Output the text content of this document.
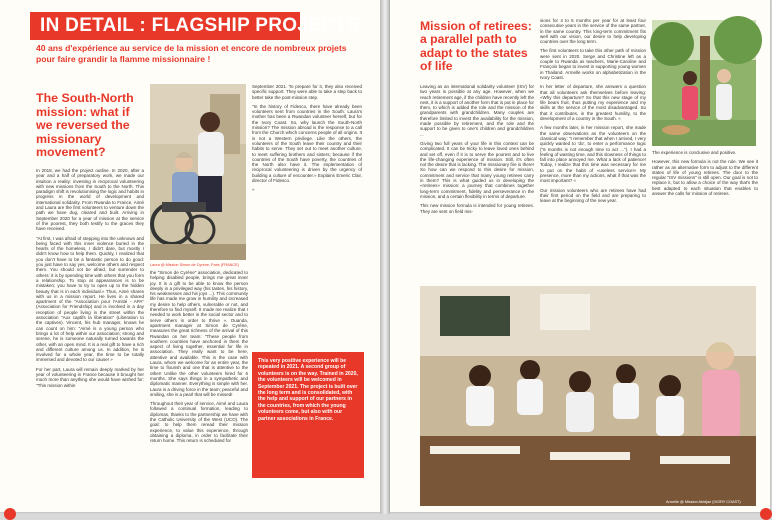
IN DETAIL : FLAGSHIP PROJECTS
40 ans d'expérience au service de la mission et encore de nombreux projets pour faire grandir la flamme missionnaire !
The South-North mission: what if we reversed the missionary movement?
Laura @ Mission Simon de Cyrène, Paris (FRANCE)

In 2018, we had the project outline. In 2020, after a year and a half of preparatory work, we made our intuition a reality: investing in reciprocal volunteering with new missions from the South to the North. This paradigm shift is revolutionising the logic and habits in progress in the world of development and international solidarity. From Rwanda to France, Aimé and Laura are the first volunteers to venture down the path we have dug, cleared and built. Arriving in September 2020 for a year of mission at the service of the poorest, they both testify to the graces they have received.

"At first, I was afraid of stepping into the unknown and being faced with this inner violence buried in the hearts of the homeless, I didn't dare, but mostly I didn't know how to help them. Quickly, I realized that you don't have to be a fantastic person to do good: you just have to say yes, welcome others and respect them. You should not be afraid, but surrender to others: it is by spending time with others that you form a relationship. To stop at appearances is to be mistaken; you have to try to open up to the hidden beauty that is in each individual.» Thus, Aimé shares with us in a mission report. He lives in a shared apartment of the "Association pour l'Amitié - APA" (Association for Friendship) and is involved in a day reception of people living in the street within the association "Aux captifs la libération" (Liberation to the captives). Vincent, his hub manager, knows he can count on him: "Aimé is a young person who brings a lot of help within our association; strong and serene, he is someone naturally turned towards the other, with an open mind. It is a real gift to have a rich and different culture among us. In addition, he is involved for a whole year, the time to be totally immersed and devoted to our cause! »

For her part, Laura will remain deeply marked by her year of volunteering in France because it brought her much more than anything she would have wished for: "This mission within

the "Simon de Cyrène" association, dedicated to helping disabled people, brings me great inner joy. It is a gift to be able to know the person deeply in a privileged way (his tastes, his history, his weaknesses and his joys ...). This community life has made me grow in humility and increased my desire to help others, vulnerable or not, and therefore to find myself. It made me realize that I needed to work better in the social sector and to serve others in order to thrive ». Ouanda, apartment manager at Simon de Cyrène, measures the great richness of the arrival of this Rwandan on her team: "These people from southern countries have anchored in them the aspect of living together, essential for life in association. They really want to be here, attentive and available. This is the case with Laura, whom we welcome for an entire year, the time to flourish and one that is attentive to the other! Unlike the other volunteers hired for 6 months. She says things in a sympathetic and diplomatic manner. Everything is simple with her. Laura is a driving force in the team; peaceful and smiling, she is a pearl that will be missed!

Throughout their year of service, Aimé and Laura followed a continual formation, leading to diplomas, thanks to the partnership we have with the Catholic University of the West (UCO). The goal: to help them reread their mission experience, to value this experience, through obtaining a diploma, in order to facilitate their return home. This return is scheduled for

September 2021. To prepare for it, they also received specific support. They were able to take a step back to better take the post-mission step.

"In the history of Fidesco, there have already been volunteers sent from countries in the South. Laura's mother has been a Rwandan volunteer herself, but for the Ivory Coast. So, why launch the South-North mission? The mission abroad is the response to a call from the Church which concerns people of all origins. It is not a Western privilege. Like the others, the volunteers of the South leave their country and their habits to serve. They set out to meet another culture, to meet suffering brothers and sisters; because if the countries of the South have poverty, the countries of the North also have it. The implementation of reciprocal volunteering is driven by the urgency of building a culture of encounter.» Explains Emeric Clair, director of Fidesco.

»

This very positive experience will be repeated in 2021. A second group of volunteers is on the way. Trained in 2020, the volunteers will be welcomed in September 2021. The project is built over the long term and is consolidated, with the help and support of our partners in the countries, from which the young volunteers come, but also with our partner associations in France.
Mission of retirees: a parallel path to adapt to the states of life

Leaving as an international solidarity volunteer (ISV) for two years is possible at any age. However, when we reach retirement age, if the children have recently left the nest, it is a support of another form that is put in place for them, to which is added the role and the mission of the grandparents with grandchildren. Many couples are therefore limited to invest the availability for the mission, made possible by retirement, and the role and the support to be given to one's children and grandchildren ...

Giving two full years of your life in this context can be complicated. It can be tricky to leave loved ones behind and set off, even if it is to serve the poorest and to live the life-changing experience of mission. Still, it's often not the desire that is lacking. The missionary fire is there! So how can we respond to this desire for mission, commitment and service that many young retirees carry in them? This is what guided us in developing the «retirees» mission: a journey that combines together long-term commitment, fidelity and perseverance in the mission, and a certain flexibility in terms of departure.

This new mission formula is intended for young retirees. They are sent on field mis-

sions for 4 to 6 months per year for at least four consecutive years in the service of the same partner, in the same country. This long-term commitment fits well with our vision, our desire to help developing countries over the long term.

The first volunteers to take this other path of mission were sent in 2020. Serge and Christine left as a couple to Rwanda as teachers, Marie-Caroline and François began to invest in supporting young women in Thailand. Armelle works on alphabetization in the Ivory Coast.

In her letter of departure, she answers a question that all volunteers ask themselves before leaving: «Why this departure? So that this new stage of my life bears fruit, thus putting my experience and my skills at the service of the most disadvantaged. So that it contributes, in the greatest humility, to the development of a country in the South. «

A few months later, in her mission report, she made the same observations as the volunteers on the classical way: "I remember that when I arrived, I very quickly wanted to 'do', to enter a performance logic ("6 months is not enough time to act ..."). I had a feeling of wasting time, and this slowness of things to fall into place annoyed me. What a lack of patience! Today, I realize that this time was necessary for me to put on the habit of «useless service!» My presence, more than my actions, what if that was the most important? «

Our mission volunteers who are retirees have had their first period on the field and are preparing to leave at the beginning of the new year.

The experience is conclusive and positive.

However, this new formula is not the rule. We see it rather as an alternative form to adjust to the different states of life of young retirees. The door to the regular "ISV missions" is still open. Our goal is not to replace it, but to allow a choice of the way that's the best adapted to each situation that enables to answer the calls for mission of retirees.

Armelle @ Mission Abidjan (IVORY COAST)
